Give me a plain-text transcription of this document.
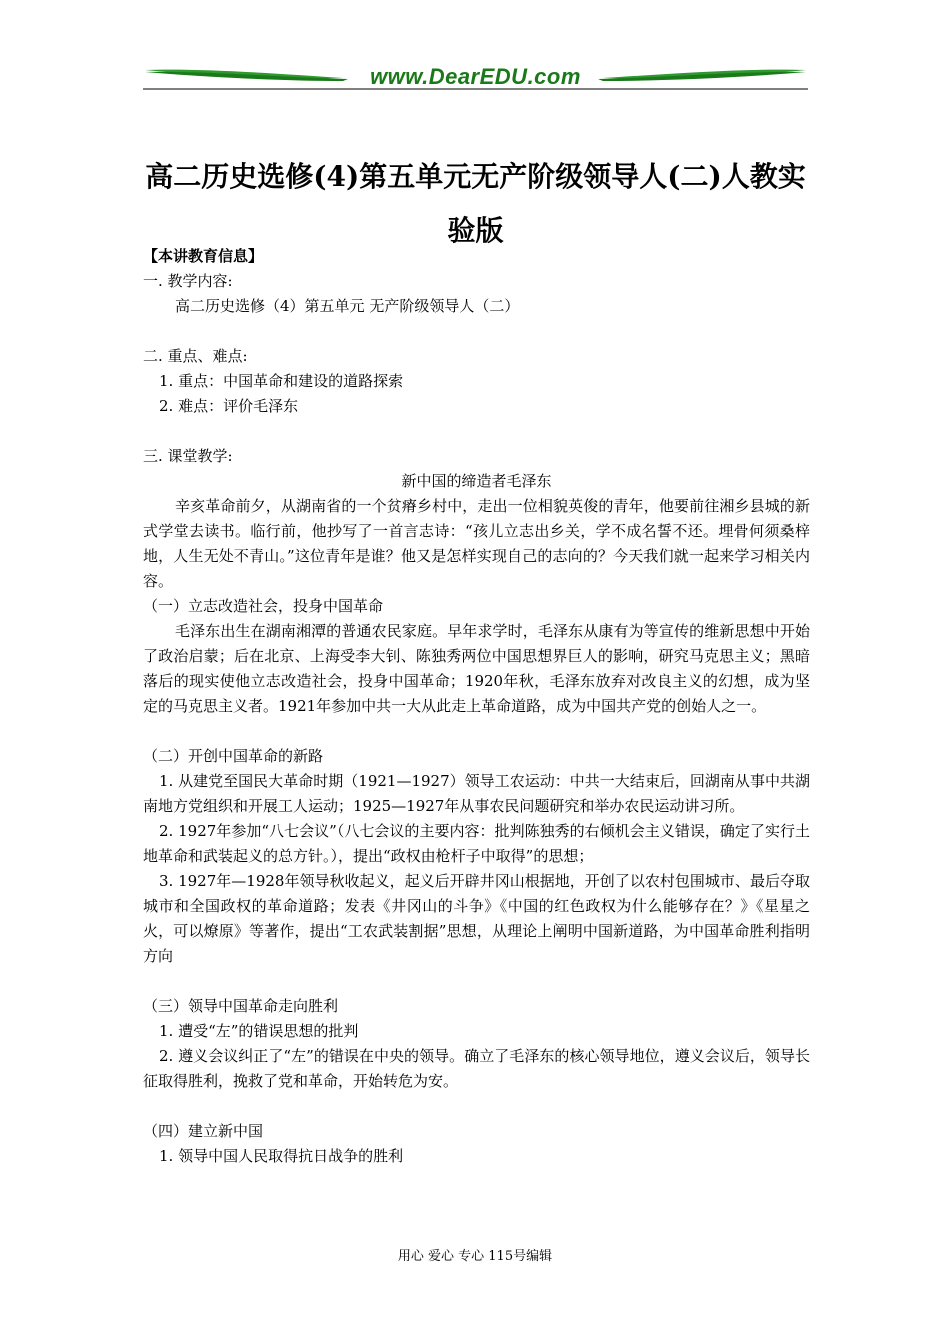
www.DearEDU.com
高二历史选修(4)第五单元无产阶级领导人(二)人教实验版

【本讲教育信息】

一. 教学内容:

高二历史选修（4）第五单元 无产阶级领导人（二）

二. 重点、难点:

1. 重点：中国革命和建设的道路探索

2. 难点：评价毛泽东

三. 课堂教学:

新中国的缔造者毛泽东

辛亥革命前夕，从湖南省的一个贫瘠乡村中，走出一位相貌英俊的青年，他要前往湘乡县城的新式学堂去读书。临行前，他抄写了一首言志诗：“孩儿立志出乡关，学不成名誓不还。埋骨何须桑梓地，人生无处不青山。”这位青年是谁？他又是怎样实现自己的志向的？今天我们就一起来学习相关内容。

（一）立志改造社会，投身中国革命

毛泽东出生在湖南湘潭的普通农民家庭。早年求学时，毛泽东从康有为等宣传的维新思想中开始了政治启蒙；后在北京、上海受李大钊、陈独秀两位中国思想界巨人的影响，研究马克思主义；黑暗落后的现实使他立志改造社会，投身中国革命；1920年秋，毛泽东放弃对改良主义的幻想，成为坚定的马克思主义者。1921年参加中共一大从此走上革命道路，成为中国共产党的创始人之一。

（二）开创中国革命的新路

1. 从建党至国民大革命时期（1921—1927）领导工农运动：中共一大结束后，回湖南从事中共湖南地方党组织和开展工人运动；1925—1927年从事农民问题研究和举办农民运动讲习所。

2. 1927年参加“八七会议”（八七会议的主要内容：批判陈独秀的右倾机会主义错误，确定了实行土地革命和武装起义的总方针。），提出“政权由枪杆子中取得”的思想；

3. 1927年—1928年领导秋收起义，起义后开辟井冈山根据地，开创了以农村包围城市、最后夺取城市和全国政权的革命道路；发表《井冈山的斗争》《中国的红色政权为什么能够存在？》《星星之火，可以燎原》等著作，提出“工农武装割据”思想，从理论上阐明中国新道路，为中国革命胜利指明方向

（三）领导中国革命走向胜利

1. 遭受“左”的错误思想的批判

2. 遵义会议纠正了“左”的错误在中央的领导。确立了毛泽东的核心领导地位，遵义会议后，领导长征取得胜利，挽救了党和革命，开始转危为安。

（四）建立新中国

1. 领导中国人民取得抗日战争的胜利

用心 爱心 专心 115号编辑
